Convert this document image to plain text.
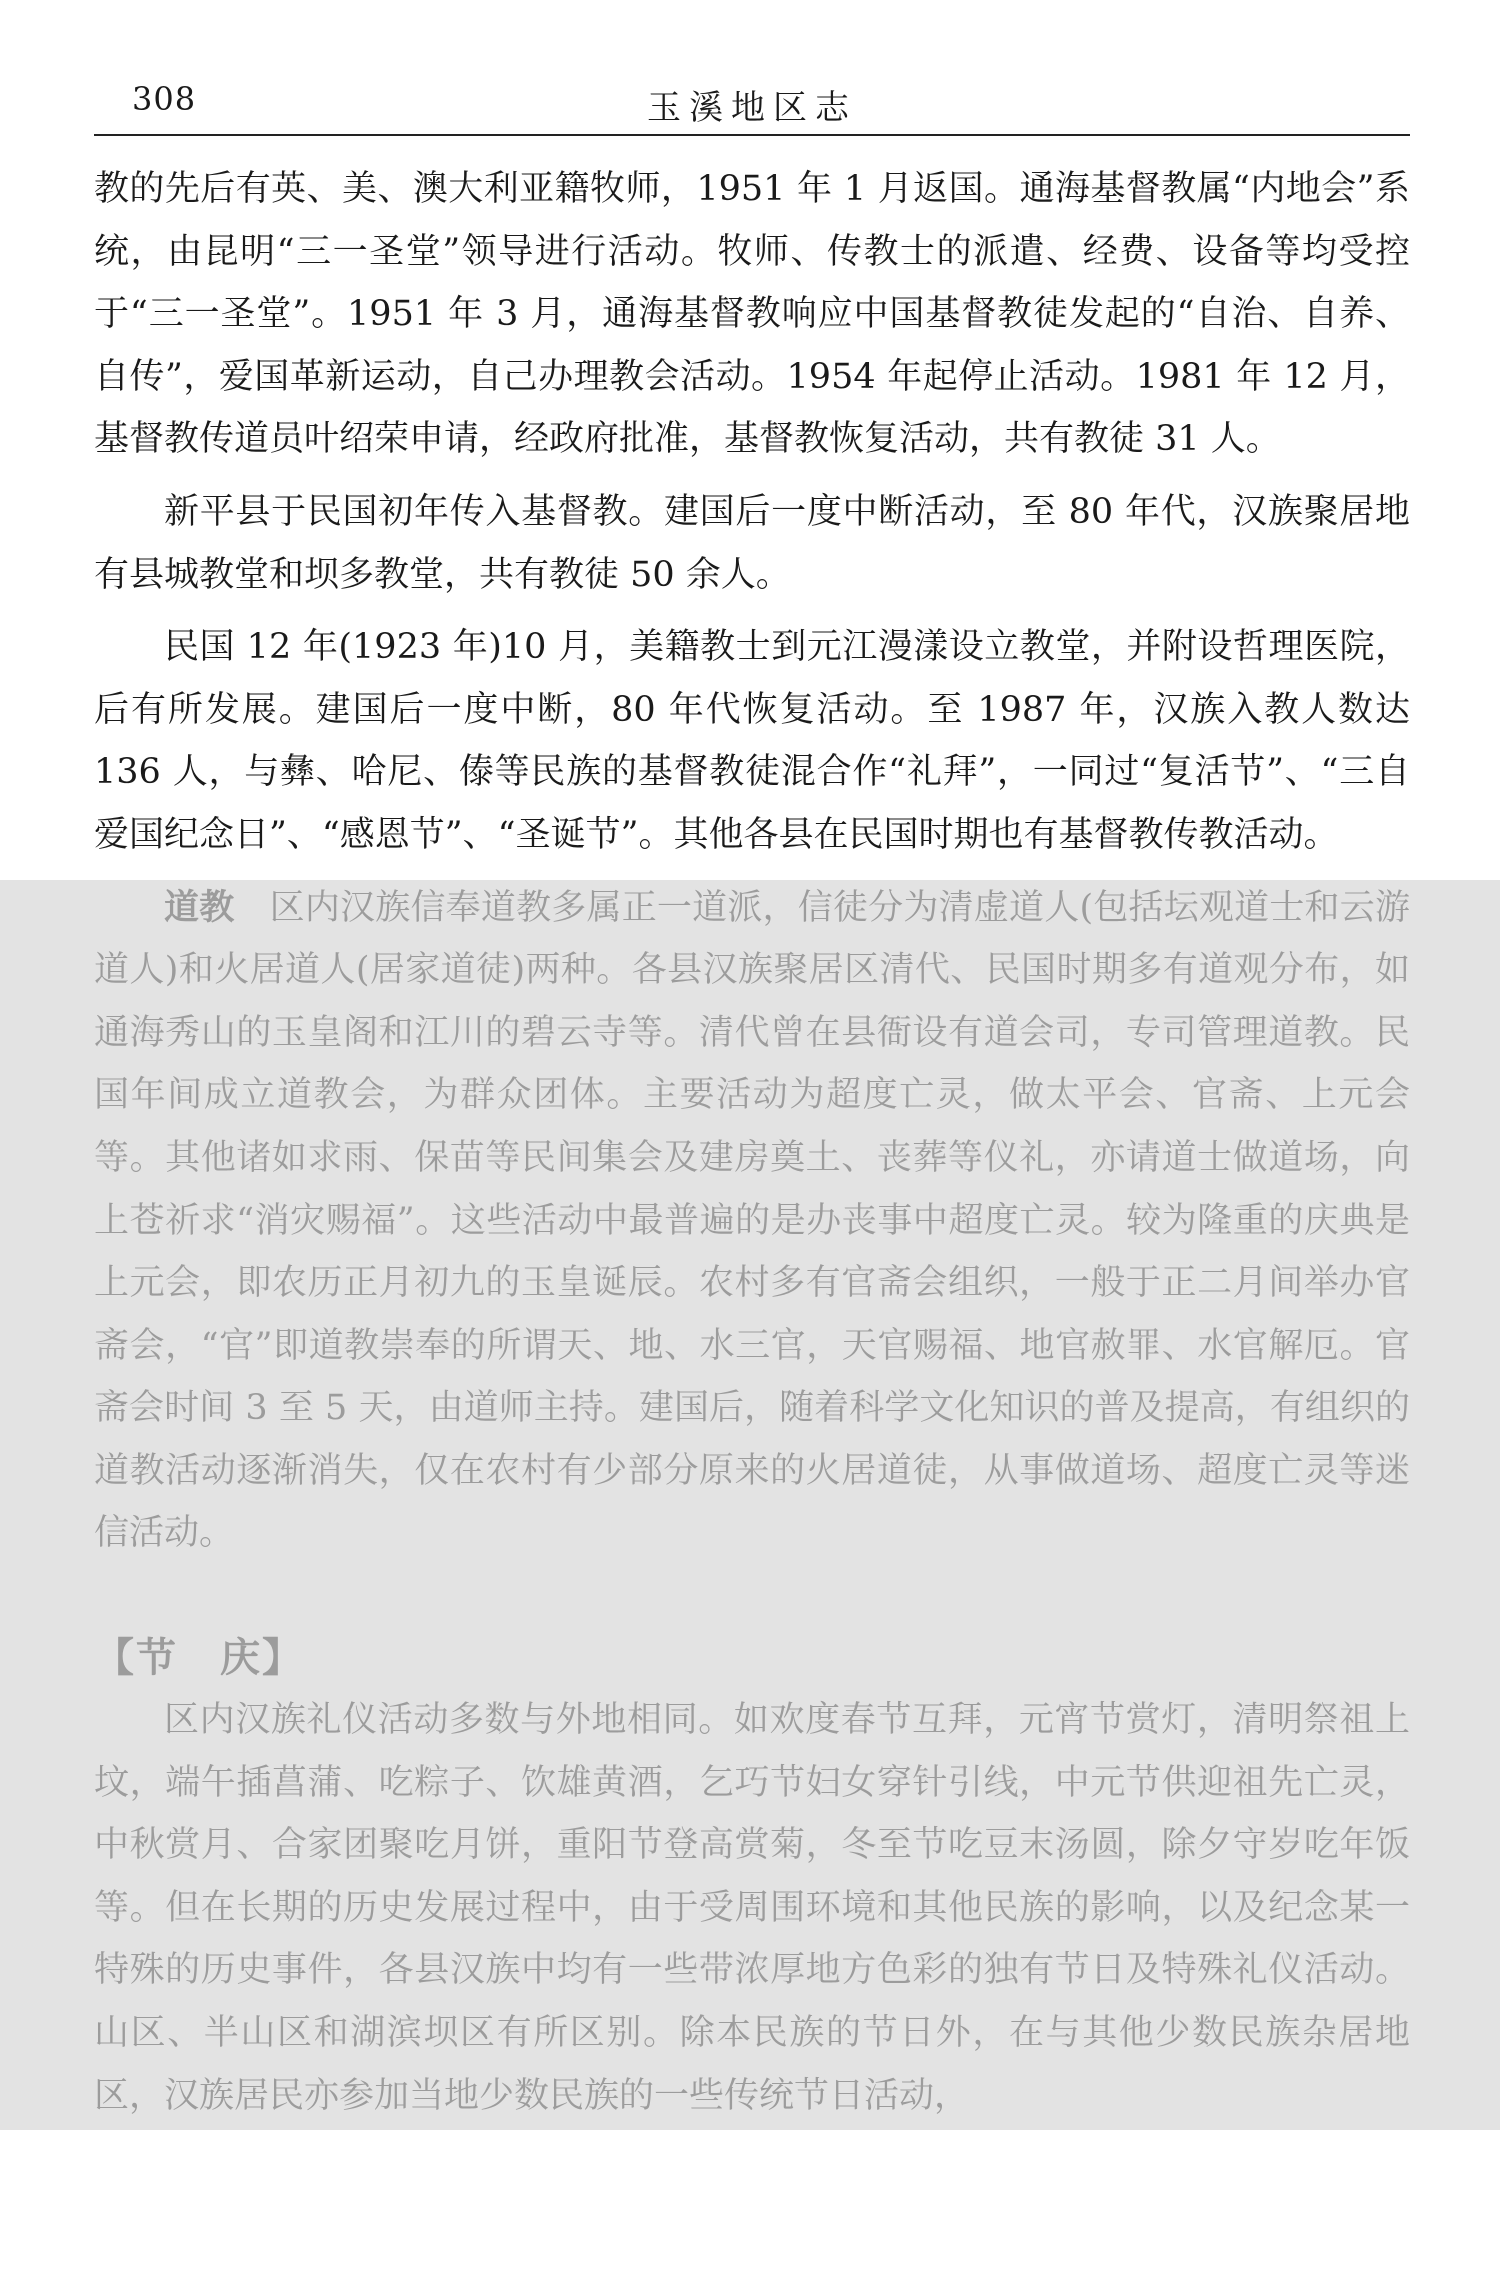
308	玉溪地区志

教的先后有英、美、澳大利亚籍牧师，1951 年 1 月返国。通海基督教属“内地会”系统，由昆明“三一圣堂”领导进行活动。牧师、传教士的派遣、经费、设备等均受控于“三一圣堂”。1951 年 3 月，通海基督教响应中国基督教徒发起的“自治、自养、自传”，爱国革新运动，自己办理教会活动。1954 年起停止活动。1981 年 12 月，基督教传道员叶绍荣申请，经政府批准，基督教恢复活动，共有教徒 31 人。

新平县于民国初年传入基督教。建国后一度中断活动，至 80 年代，汉族聚居地有县城教堂和坝多教堂，共有教徒 50 余人。

民国 12 年(1923 年)10 月，美籍教士到元江漫漾设立教堂，并附设哲理医院，后有所发展。建国后一度中断，80 年代恢复活动。至 1987 年，汉族入教人数达 136 人，与彝、哈尼、傣等民族的基督教徒混合作“礼拜”，一同过“复活节”、“三自爱国纪念日”、“感恩节”、“圣诞节”。其他各县在民国时期也有基督教传教活动。

道教　区内汉族信奉道教多属正一道派，信徒分为清虚道人(包括坛观道士和云游道人)和火居道人(居家道徒)两种。各县汉族聚居区清代、民国时期多有道观分布，如通海秀山的玉皇阁和江川的碧云寺等。清代曾在县衙设有道会司，专司管理道教。民国年间成立道教会，为群众团体。主要活动为超度亡灵，做太平会、官斋、上元会等。其他诸如求雨、保苗等民间集会及建房奠土、丧葬等仪礼，亦请道士做道场，向上苍祈求“消灾赐福”。这些活动中最普遍的是办丧事中超度亡灵。较为隆重的庆典是上元会，即农历正月初九的玉皇诞辰。农村多有官斋会组织，一般于正二月间举办官斋会，“官”即道教崇奉的所谓天、地、水三官，天官赐福、地官赦罪、水官解厄。官斋会时间 3 至 5 天，由道师主持。建国后，随着科学文化知识的普及提高，有组织的道教活动逐渐消失，仅在农村有少部分原来的火居道徒，从事做道场、超度亡灵等迷信活动。

【节　庆】

区内汉族礼仪活动多数与外地相同。如欢度春节互拜，元宵节赏灯，清明祭祖上坟，端午插菖蒲、吃粽子、饮雄黄酒，乞巧节妇女穿针引线，中元节供迎祖先亡灵，中秋赏月、合家团聚吃月饼，重阳节登高赏菊，冬至节吃豆末汤圆，除夕守岁吃年饭等。但在长期的历史发展过程中，由于受周围环境和其他民族的影响，以及纪念某一特殊的历史事件，各县汉族中均有一些带浓厚地方色彩的独有节日及特殊礼仪活动。山区、半山区和湖滨坝区有所区别。除本民族的节日外，在与其他少数民族杂居地区，汉族居民亦参加当地少数民族的一些传统节日活动，
